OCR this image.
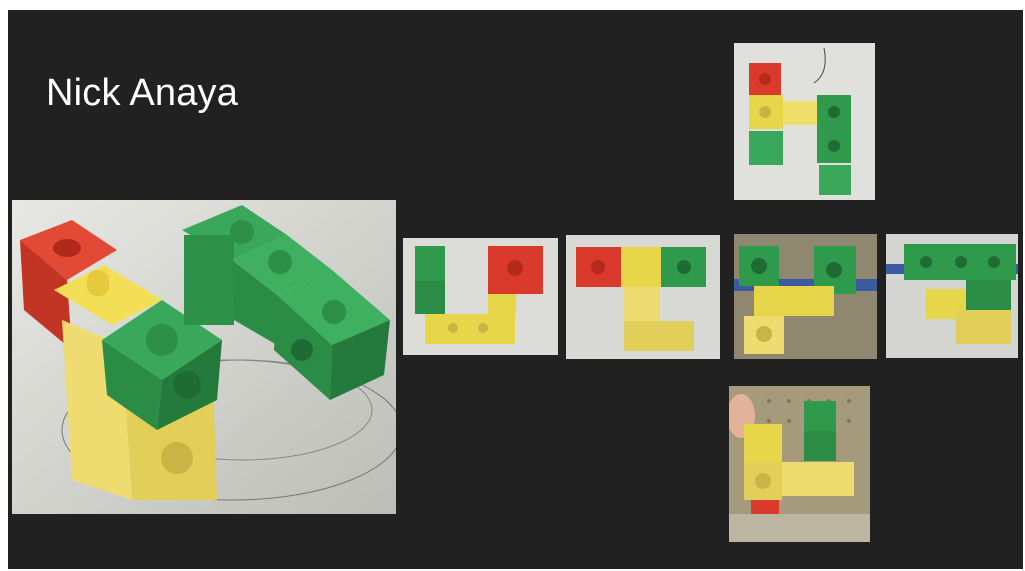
Nick Anaya
